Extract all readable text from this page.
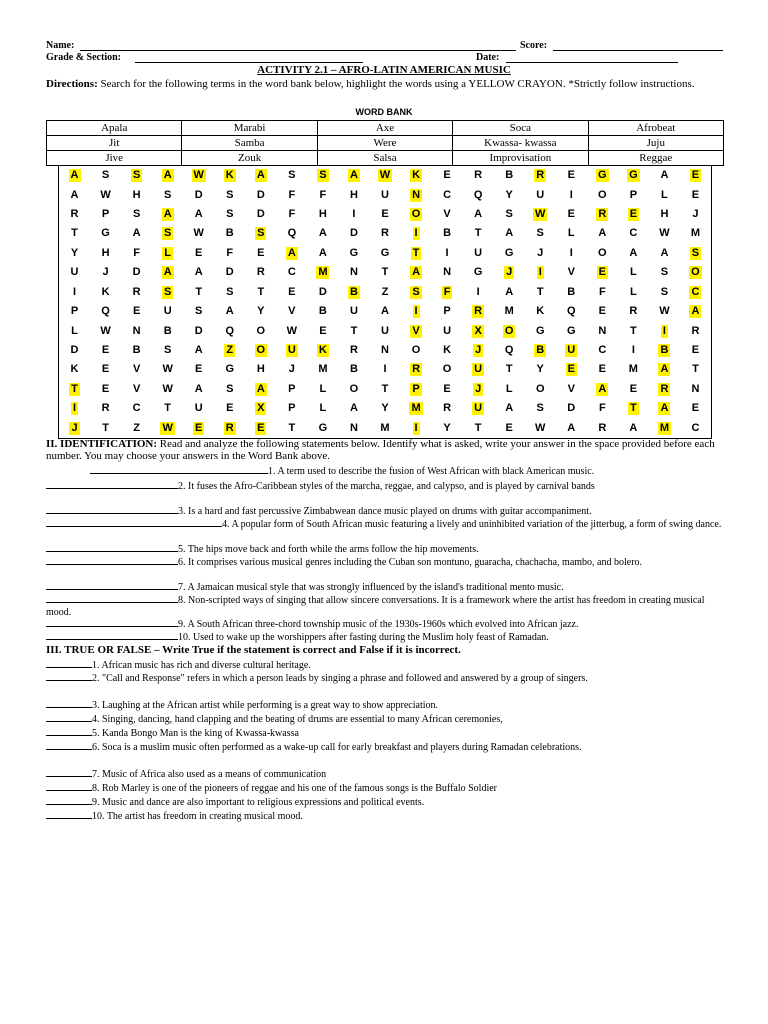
Name:	Score:
Grade & Section:	Date:
ACTIVITY 2.1 – AFRO-LATIN AMERICAN MUSIC
Directions: Search for the following terms in the word bank below, highlight the words using a YELLOW CRAYON. *Strictly follow instructions.
WORD BANK
Apala	Marabi	Axe	Soca	Afrobeat
Jit	Samba	Were	Kwassa- kwassa	Juju
Jive	Zouk	Salsa	Improvisation	Reggae
A S S A W K A S S A W K E R B R E G G A E
A W H S D S D F F H U N C Q Y U I O P L E
R P S A A S D F H I E O V A S W E R E H J
T G A S W B S Q A D R I B T A S L A C W M
Y H F L E F E A A G G T I U G J I O A A S
U J D A A D R C M N T A N G J I V E L S O
I K R S T S T E D B Z S F I A T B F L S C
P Q E U S A Y V B U A I P R M K Q E R W A
L W N B D Q O W E T U V U X O G G N T I R
D E B S A Z O U K R N O K J Q B U C I B E
K E V W E G H J M B I R O U T Y E E M A T
T E V W A S A P L O T P E J L O V A E R N
I R C T U E X P L A Y M R U A S D F T A E
J T Z W E R E T G N M I Y T E W A R A M C
II. IDENTIFICATION: Read and analyze the following statements below. Identify what is asked, write your answer in the space provided before each number. You may choose your answers in the Word Bank above.
1. A term used to describe the fusion of West African with black American music.
2. It fuses the Afro-Caribbean styles of the marcha, reggae, and calypso, and is played by carnival bands
3. Is a hard and fast percussive Zimbabwean dance music played on drums with guitar accompaniment.
4. A popular form of South African music featuring a lively and uninhibited variation of the jitterbug, a form of swing dance.
5. The hips move back and forth while the arms follow the hip movements.
6. It comprises various musical genres including the Cuban son montuno, guaracha, chachacha, mambo, and bolero.
7. A Jamaican musical style that was strongly influenced by the island's traditional mento music.
8. Non-scripted ways of singing that allow sincere conversations. It is a framework where the artist has freedom in creating musical mood.
9. A South African three-chord township music of the 1930s-1960s which evolved into African jazz.
10. Used to wake up the worshippers after fasting during the Muslim holy feast of Ramadan.
III. TRUE OR FALSE – Write True if the statement is correct and False if it is incorrect.
1. African music has rich and diverse cultural heritage.
2. "Call and Response" refers in which a person leads by singing a phrase and followed and answered by a group of singers.
3. Laughing at the African artist while performing is a great way to show appreciation.
4. Singing, dancing, hand clapping and the beating of drums are essential to many African ceremonies,
5. Kanda Bongo Man is the king of Kwassa-kwassa
6. Soca is a muslim music often performed as a wake-up call for early breakfast and players during Ramadan celebrations.
7. Music of Africa also used as a means of communication
8. Rob Marley is one of the pioneers of reggae and his one of the famous songs is the Buffalo Soldier
9. Music and dance are also important to religious expressions and political events.
10. The artist has freedom in creating musical mood.
